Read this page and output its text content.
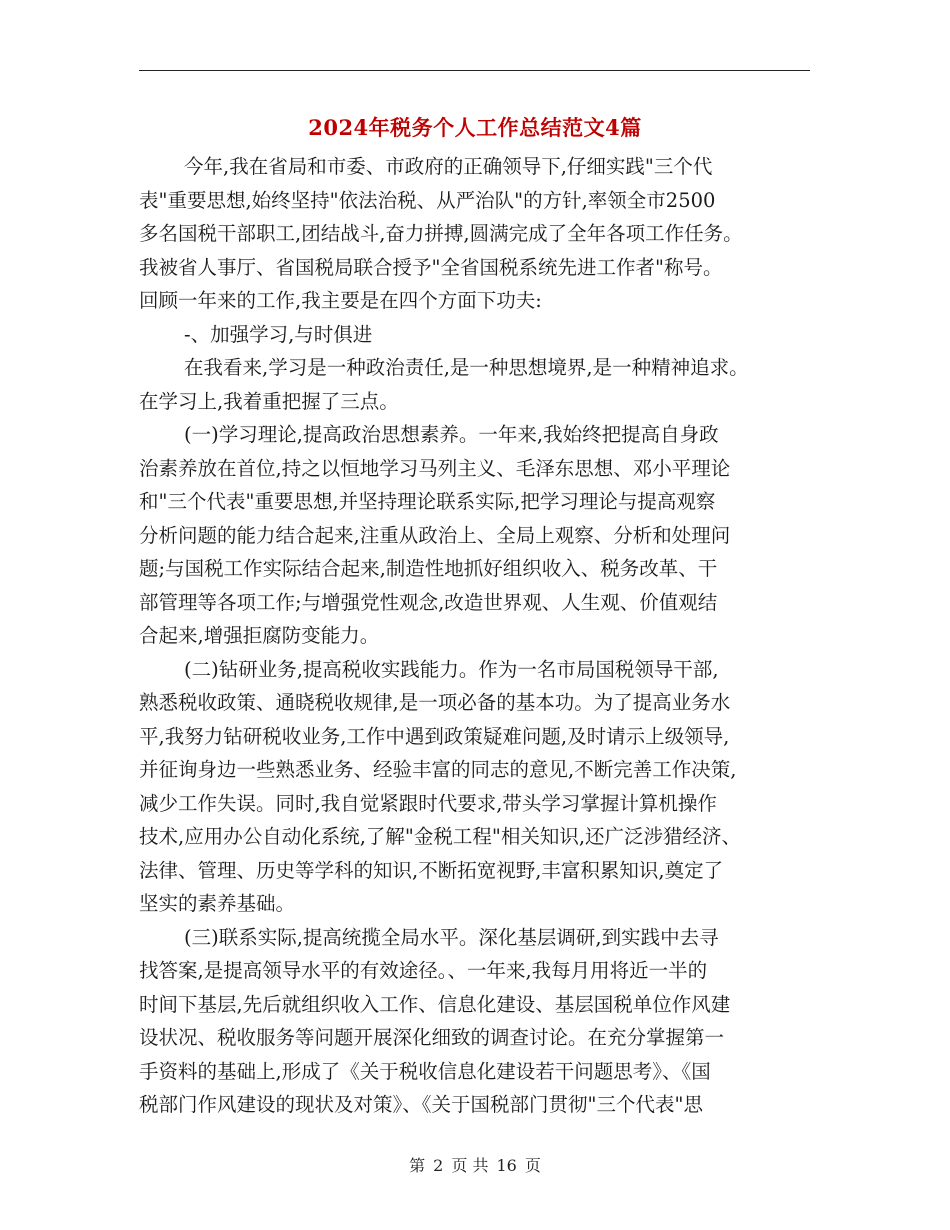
2024年税务个人工作总结范文4篇
今年,我在省局和市委、市政府的正确领导下,仔细实践"三个代
表"重要思想,始终坚持"依法治税、从严治队"的方针,率领全市2500
多名国税干部职工,团结战斗,奋力拼搏,圆满完成了全年各项工作任务。
我被省人事厅、省国税局联合授予"全省国税系统先进工作者"称号。
回顾一年来的工作,我主要是在四个方面下功夫:
-、加强学习,与时俱进
在我看来,学习是一种政治责任,是一种思想境界,是一种精神追求。
在学习上,我着重把握了三点。
(一)学习理论,提高政治思想素养。一年来,我始终把提高自身政
治素养放在首位,持之以恒地学习马列主义、毛泽东思想、邓小平理论
和"三个代表"重要思想,并坚持理论联系实际,把学习理论与提高观察
分析问题的能力结合起来,注重从政治上、全局上观察、分析和处理问
题;与国税工作实际结合起来,制造性地抓好组织收入、税务改革、干
部管理等各项工作;与增强党性观念,改造世界观、人生观、价值观结
合起来,增强拒腐防变能力。
(二)钻研业务,提高税收实践能力。作为一名市局国税领导干部,
熟悉税收政策、通晓税收规律,是一项必备的基本功。为了提高业务水
平,我努力钻研税收业务,工作中遇到政策疑难问题,及时请示上级领导,
并征询身边一些熟悉业务、经验丰富的同志的意见,不断完善工作决策,
减少工作失误。同时,我自觉紧跟时代要求,带头学习掌握计算机操作
技术,应用办公自动化系统,了解"金税工程"相关知识,还广泛涉猎经济、
法律、管理、历史等学科的知识,不断拓宽视野,丰富积累知识,奠定了
坚实的素养基础。
(三)联系实际,提高统揽全局水平。深化基层调研,到实践中去寻
找答案,是提高领导水平的有效途径。、一年来,我每月用将近一半的
时间下基层,先后就组织收入工作、信息化建设、基层国税单位作风建
设状况、税收服务等问题开展深化细致的调查讨论。在充分掌握第一
手资料的基础上,形成了《关于税收信息化建设若干问题思考》、《国
税部门作风建设的现状及对策》、《关于国税部门贯彻"三个代表"思
第 2 页 共 16 页
